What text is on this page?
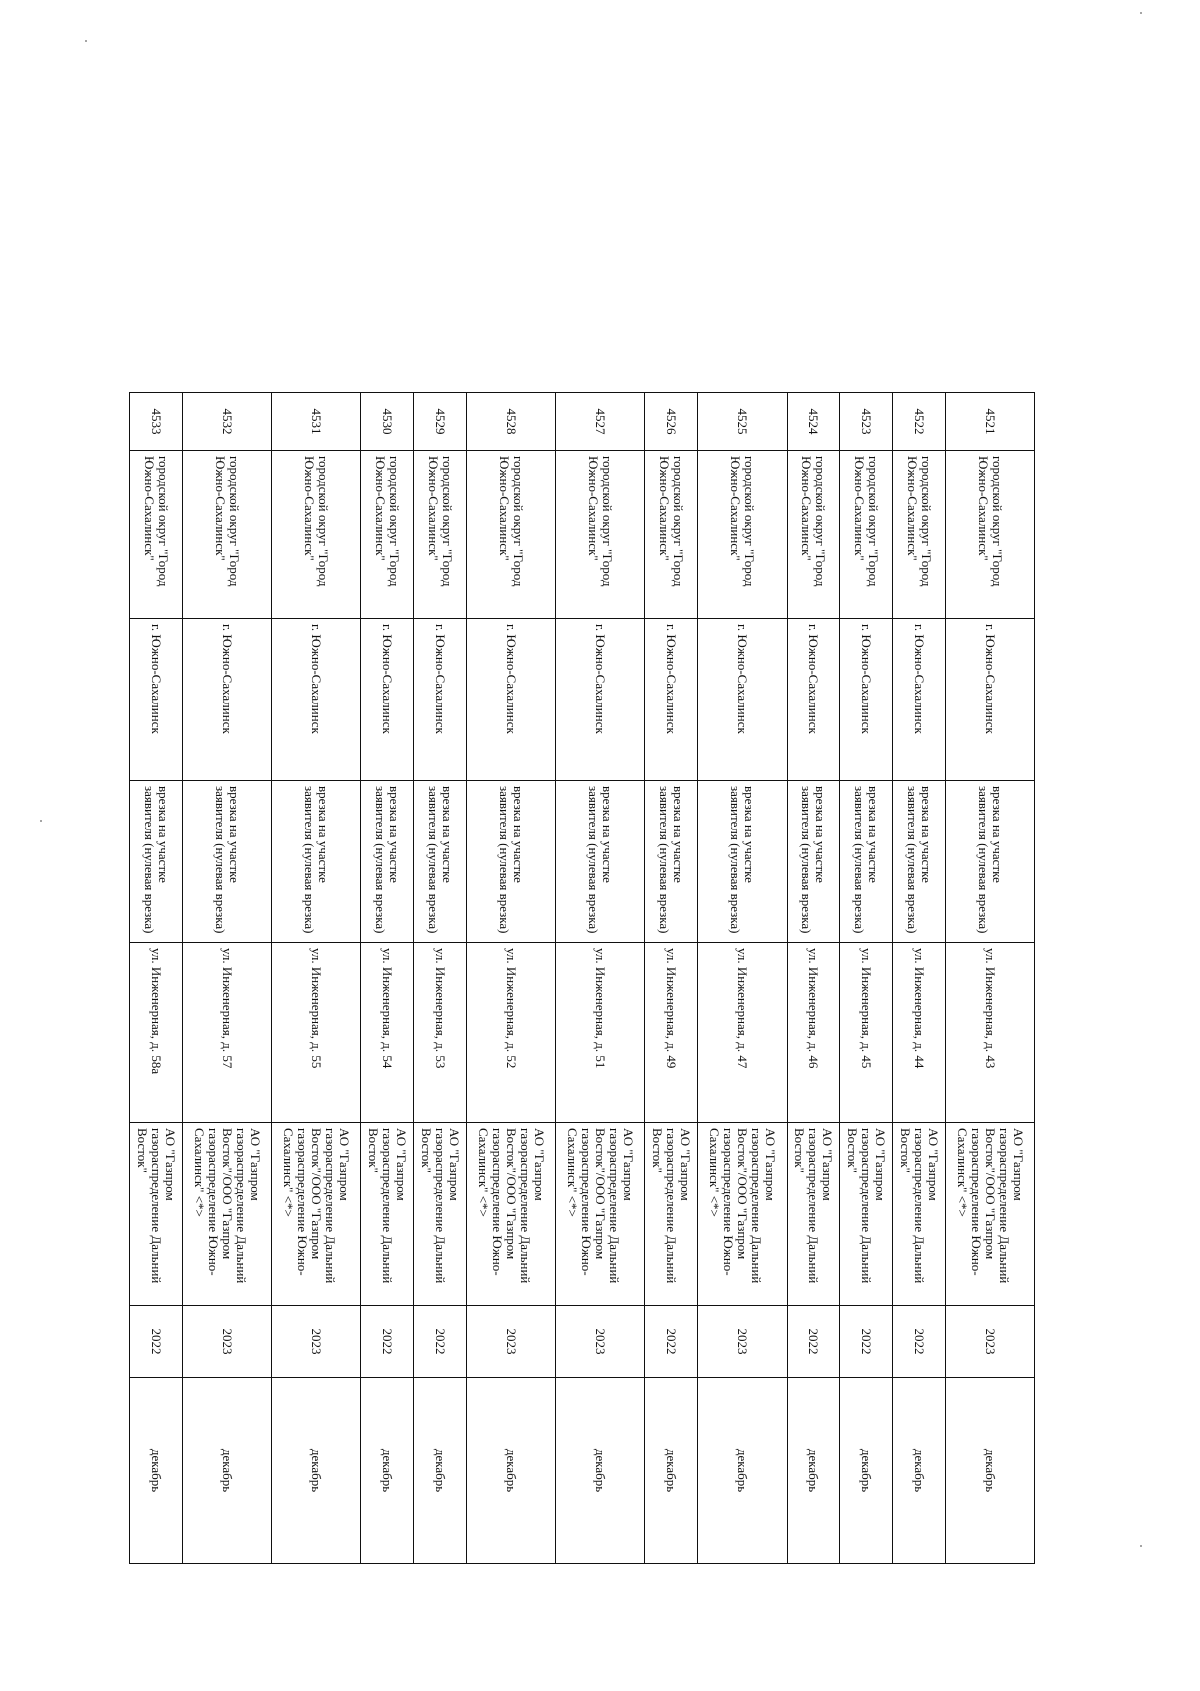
4521	городской округ "Город Южно-Сахалинск"	г. Южно-Сахалинск	врезка на участке заявителя (нулевая врезка)	ул. Инженерная, д. 43	АО "Газпром газораспределение Дальний Восток"/ООО "Газпром газораспределение Южно-Сахалинск" <*>	2023	декабрь
4522	городской округ "Город Южно-Сахалинск"	г. Южно-Сахалинск	врезка на участке заявителя (нулевая врезка)	ул. Инженерная, д. 44	АО "Газпром газораспределение Дальний Восток"	2022	декабрь
4523	городской округ "Город Южно-Сахалинск"	г. Южно-Сахалинск	врезка на участке заявителя (нулевая врезка)	ул. Инженерная, д. 45	АО "Газпром газораспределение Дальний Восток"	2022	декабрь
4524	городской округ "Город Южно-Сахалинск"	г. Южно-Сахалинск	врезка на участке заявителя (нулевая врезка)	ул. Инженерная, д. 46	АО "Газпром газораспределение Дальний Восток"	2022	декабрь
4525	городской округ "Город Южно-Сахалинск"	г. Южно-Сахалинск	врезка на участке заявителя (нулевая врезка)	ул. Инженерная, д. 47	АО "Газпром газораспределение Дальний Восток"/ООО "Газпром газораспределение Южно-Сахалинск" <*>	2023	декабрь
4526	городской округ "Город Южно-Сахалинск"	г. Южно-Сахалинск	врезка на участке заявителя (нулевая врезка)	ул. Инженерная, д. 49	АО "Газпром газораспределение Дальний Восток"	2022	декабрь
4527	городской округ "Город Южно-Сахалинск"	г. Южно-Сахалинск	врезка на участке заявителя (нулевая врезка)	ул. Инженерная, д. 51	АО "Газпром газораспределение Дальний Восток"/ООО "Газпром газораспределение Южно-Сахалинск" <*>	2023	декабрь
4528	городской округ "Город Южно-Сахалинск"	г. Южно-Сахалинск	врезка на участке заявителя (нулевая врезка)	ул. Инженерная, д. 52	АО "Газпром газораспределение Дальний Восток"/ООО "Газпром газораспределение Южно-Сахалинск" <*>	2023	декабрь
4529	городской округ "Город Южно-Сахалинск"	г. Южно-Сахалинск	врезка на участке заявителя (нулевая врезка)	ул. Инженерная, д. 53	АО "Газпром газораспределение Дальний Восток"	2022	декабрь
4530	городской округ "Город Южно-Сахалинск"	г. Южно-Сахалинск	врезка на участке заявителя (нулевая врезка)	ул. Инженерная, д. 54	АО "Газпром газораспределение Дальний Восток"	2022	декабрь
4531	городской округ "Город Южно-Сахалинск"	г. Южно-Сахалинск	врезка на участке заявителя (нулевая врезка)	ул. Инженерная, д. 55	АО "Газпром газораспределение Дальний Восток"/ООО "Газпром газораспределение Южно-Сахалинск" <*>	2023	декабрь
4532	городской округ "Город Южно-Сахалинск"	г. Южно-Сахалинск	врезка на участке заявителя (нулевая врезка)	ул. Инженерная, д. 57	АО "Газпром газораспределение Дальний Восток"/ООО "Газпром газораспределение Южно-Сахалинск" <*>	2023	декабрь
4533	городской округ "Город Южно-Сахалинск"	г. Южно-Сахалинск	врезка на участке заявителя (нулевая врезка)	ул. Инженерная, д. 58а	АО "Газпром газораспределение Дальний Восток"	2022	декабрь
